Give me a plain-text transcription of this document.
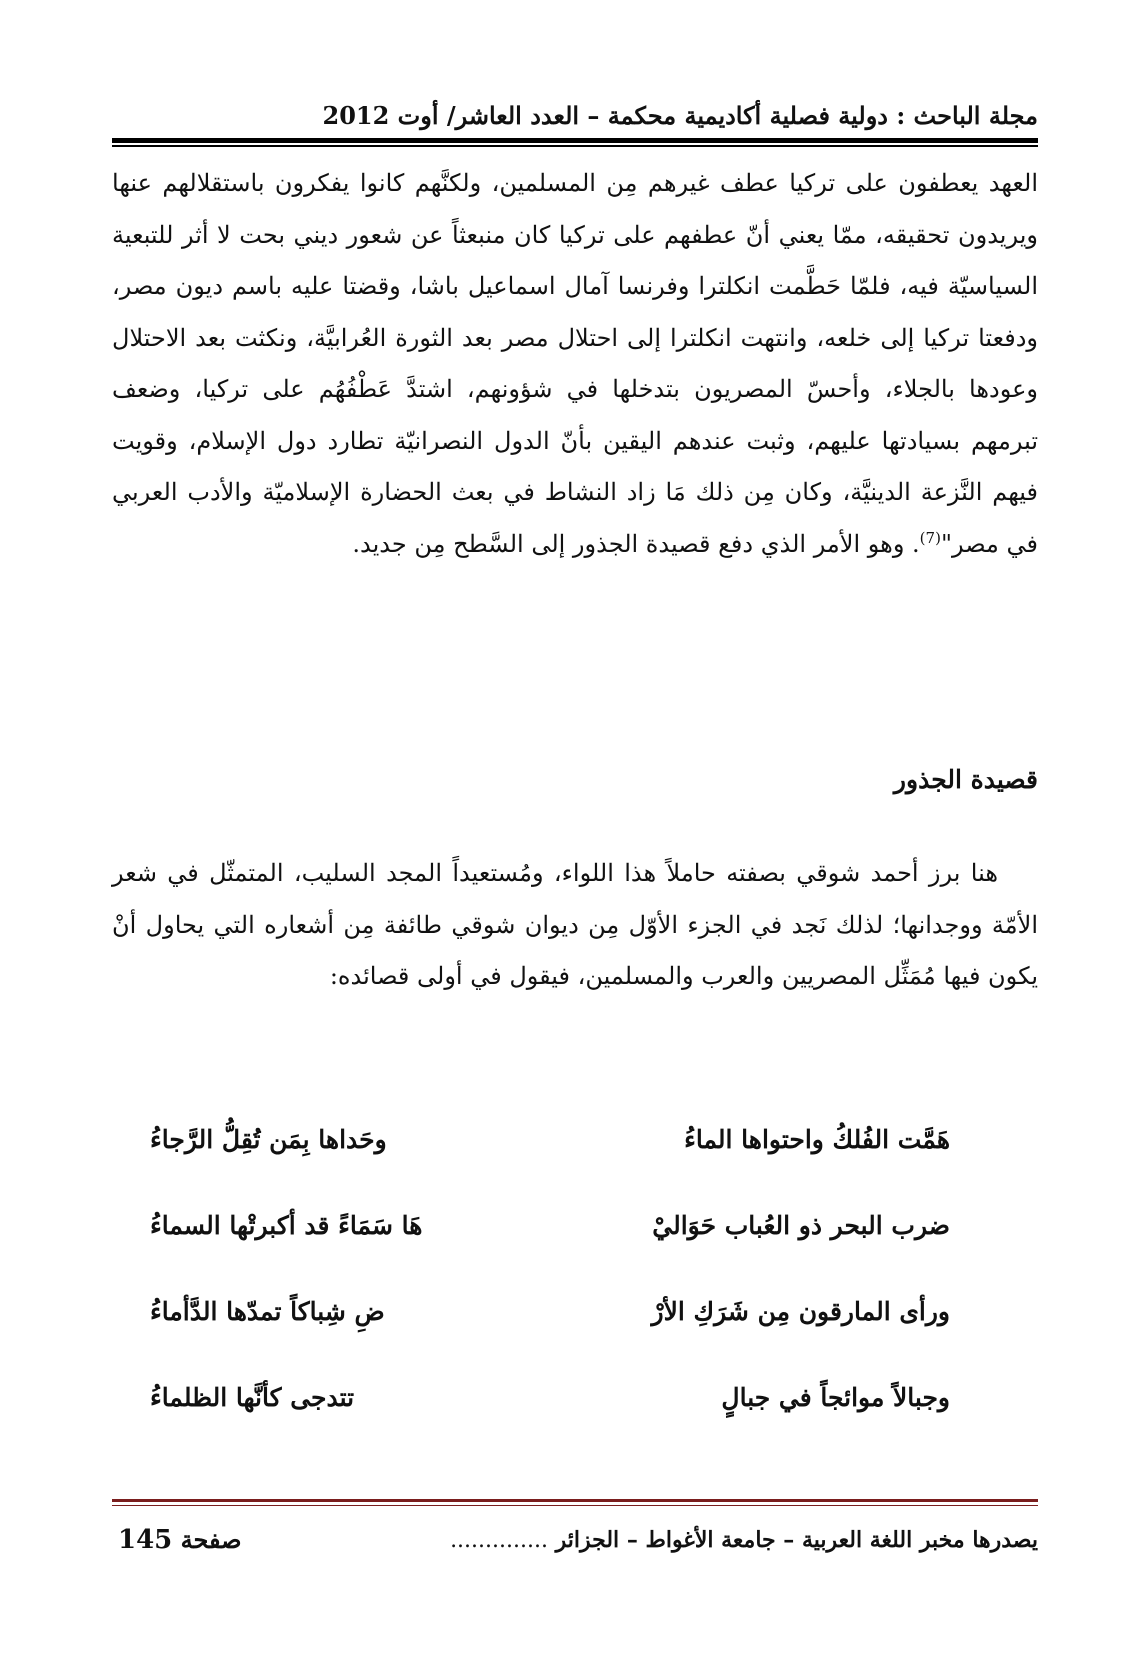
مجلة الباحث : دولية فصلية أكاديمية محكمة – العدد العاشر/ أوت 2012

العهد يعطفون على تركيا عطف غيرهم مِن المسلمين، ولكنَّهم كانوا يفكرون باستقلالهم عنها ويريدون تحقيقه، ممّا يعني أنّ عطفهم على تركيا كان منبعثاً عن شعور ديني بحت لا أثر للتبعية السياسيّة فيه، فلمّا حَطَّمت انكلترا وفرنسا آمال اسماعيل باشا، وقضتا عليه باسم ديون مصر، ودفعتا تركيا إلى خلعه، وانتهت انكلترا إلى احتلال مصر بعد الثورة العُرابيَّة، ونكثت بعد الاحتلال وعودها بالجلاء، وأحسّ المصريون بتدخلها في شؤونهم، اشتدَّ عَطْفُهُم على تركيا، وضعف تبرمهم بسيادتها عليهم، وثبت عندهم اليقين بأنّ الدول النصرانيّة تطارد دول الإسلام، وقويت فيهم النَّزعة الدينيَّة، وكان مِن ذلك مَا زاد النشاط في بعث الحضارة الإسلاميّة والأدب العربي في مصر"$^{(7)}$. وهو الأمر الذي دفع قصيدة الجذور إلى السَّطح مِن جديد.

قصيدة الجذور

هنا برز أحمد شوقي بصفته حاملاً هذا اللواء، ومُستعيداً المجد السليب، المتمثّل في شعر الأمّة ووجدانها؛ لذلك نَجد في الجزء الأوّل مِن ديوان شوقي طائفة مِن أشعاره التي يحاول أنْ يكون فيها مُمَثِّل المصريين والعرب والمسلمين، فيقول في أولى قصائده:

هَمَّت الفُلكُ واحتواها الماءُ
وحَداها بِمَن تُقِلُّ الرَّجاءُ
ضرب البحر ذو العُباب حَوَاليْ
هَا سَمَاءً قد أكبرتْها السماءُ
ورأى المارقون مِن شَرَكِ الأرْ
ضِ شِباكاً تمدّها الدَّأماءُ
وجبالاً موائجاً في جبالٍ
تتدجى كأنَّها الظلماءُ
يصدرها مخبر اللغة العربية – جامعة الأغواط – الجزائر ..............
صفحة 145
